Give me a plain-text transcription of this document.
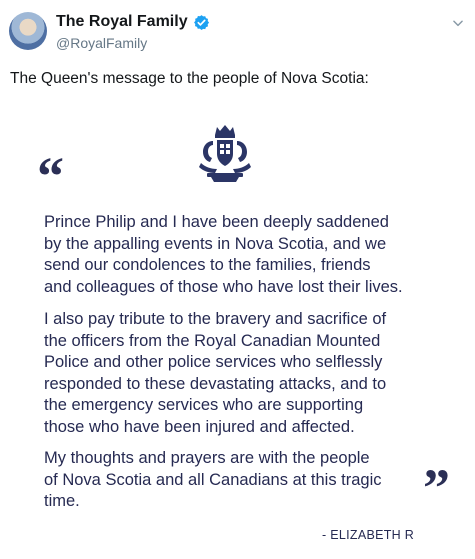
The Royal Family
@RoyalFamily
The Queen's message to the people of Nova Scotia:
“

Prince Philip and I have been deeply saddened
by the appalling events in Nova Scotia, and we
send our condolences to the families, friends
and colleagues of those who have lost their lives.

I also pay tribute to the bravery and sacrifice of
the officers from the Royal Canadian Mounted
Police and other police services who selflessly
responded to these devastating attacks, and to
the emergency services who are supporting
those who have been injured and affected.

My thoughts and prayers are with the people
of Nova Scotia and all Canadians at this tragic
time.	”
- ELIZABETH R
